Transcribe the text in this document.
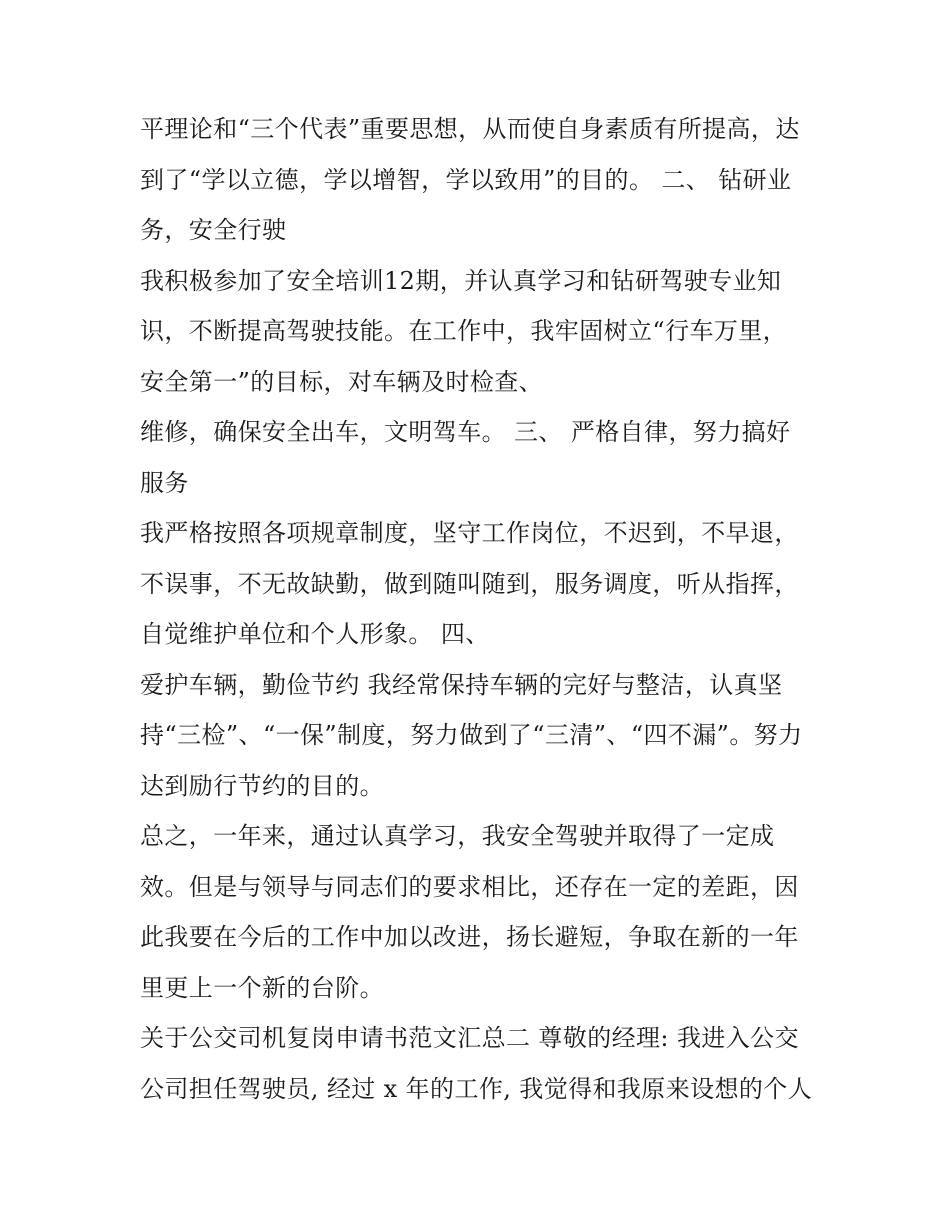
平理论和“三个代表”重要思想，从而使自身素质有所提高，达
到了“学以立德，学以增智，学以致用”的目的。 二、 钻研业
务，安全行驶
我积极参加了安全培训12期，并认真学习和钻研驾驶专业知
识，不断提高驾驶技能。在工作中，我牢固树立“行车万里，
安全第一”的目标，对车辆及时检查、
维修，确保安全出车，文明驾车。 三、 严格自律，努力搞好
服务
我严格按照各项规章制度，坚守工作岗位，不迟到，不早退，
不误事，不无故缺勤，做到随叫随到，服务调度，听从指挥，
自觉维护单位和个人形象。 四、
爱护车辆，勤俭节约 我经常保持车辆的完好与整洁，认真坚
持“三检”、“一保”制度，努力做到了“三清”、“四不漏”。努力
达到励行节约的目的。
总之，一年来，通过认真学习，我安全驾驶并取得了一定成
效。但是与领导与同志们的要求相比，还存在一定的差距，因
此我要在今后的工作中加以改进，扬长避短，争取在新的一年
里更上一个新的台阶。
关于公交司机复岗申请书范文汇总二 尊敬的经理: 我进入公交
公司担任驾驶员, 经过 x 年的工作, 我觉得和我原来设想的个人
